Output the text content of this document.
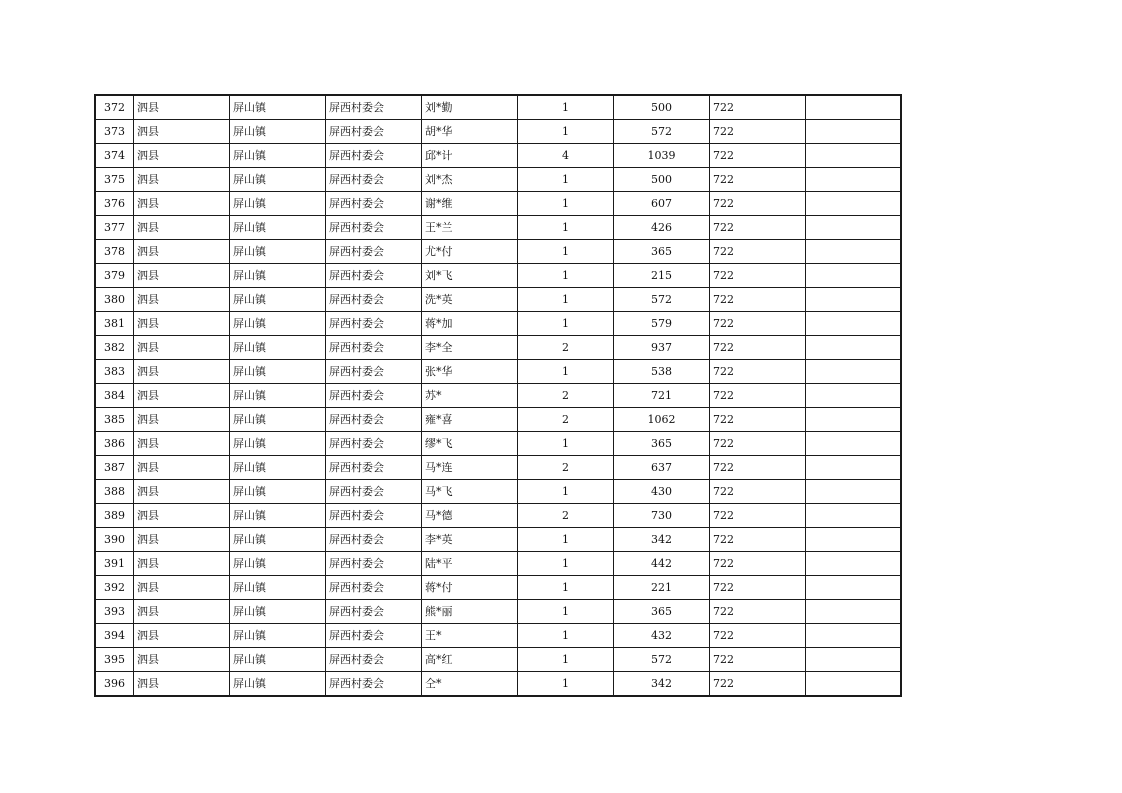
372	泗县	屏山镇	屏西村委会	刘*勤	1	500	722	
373	泗县	屏山镇	屏西村委会	胡*华	1	572	722	
374	泗县	屏山镇	屏西村委会	邱*计	4	1039	722	
375	泗县	屏山镇	屏西村委会	刘*杰	1	500	722	
376	泗县	屏山镇	屏西村委会	谢*维	1	607	722	
377	泗县	屏山镇	屏西村委会	王*兰	1	426	722	
378	泗县	屏山镇	屏西村委会	尤*付	1	365	722	
379	泗县	屏山镇	屏西村委会	刘*飞	1	215	722	
380	泗县	屏山镇	屏西村委会	洗*英	1	572	722	
381	泗县	屏山镇	屏西村委会	蒋*加	1	579	722	
382	泗县	屏山镇	屏西村委会	李*全	2	937	722	
383	泗县	屏山镇	屏西村委会	张*华	1	538	722	
384	泗县	屏山镇	屏西村委会	苏*	2	721	722	
385	泗县	屏山镇	屏西村委会	雍*喜	2	1062	722	
386	泗县	屏山镇	屏西村委会	缪*飞	1	365	722	
387	泗县	屏山镇	屏西村委会	马*连	2	637	722	
388	泗县	屏山镇	屏西村委会	马*飞	1	430	722	
389	泗县	屏山镇	屏西村委会	马*德	2	730	722	
390	泗县	屏山镇	屏西村委会	李*英	1	342	722	
391	泗县	屏山镇	屏西村委会	陆*平	1	442	722	
392	泗县	屏山镇	屏西村委会	蒋*付	1	221	722	
393	泗县	屏山镇	屏西村委会	熊*丽	1	365	722	
394	泗县	屏山镇	屏西村委会	王*	1	432	722	
395	泗县	屏山镇	屏西村委会	高*红	1	572	722	
396	泗县	屏山镇	屏西村委会	仝*	1	342	722	
